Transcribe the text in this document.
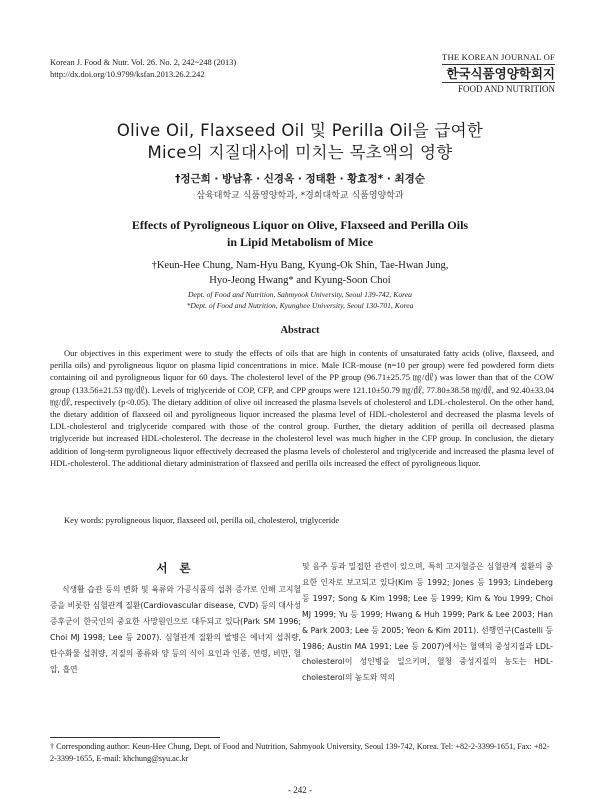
Korean J. Food & Nutr. Vol. 26. No. 2, 242~248 (2013)
http://dx.doi.org/10.9799/ksfan.2013.26.2.242
THE KOREAN JOURNAL OF
한국식품영양학회지
FOOD AND NUTRITION
Olive Oil, Flaxseed Oil 및 Perilla Oil을 급여한
Mice의 지질대사에 미치는 목초액의 영향
†정근희 · 방남휴 · 신경옥 · 정태환 · 황효정* · 최경순
삼육대학교 식품영양학과, *경희대학교 식품영양학과
Effects of Pyroligneous Liquor on Olive, Flaxseed and Perilla Oils
in Lipid Metabolism of Mice
†Keun-Hee Chung, Nam-Hyu Bang, Kyung-Ok Shin, Tae-Hwan Jung,
Hyo-Jeong Hwang* and Kyung-Soon Choi
Dept. of Food and Nutrition, Sahmyook University, Seoul 139-742, Korea
*Dept. of Food and Nutrition, Kyunghee University, Seoul 130-701, Korea
Abstract

Our objectives in this experiment were to study the effects of oils that are high in contents of unsaturated fatty acids (olive, flaxseed, and perilla oils) and pyroligneous liquor on plasma lipid concentrations in mice. Male ICR-mouse (n=10 per group) were fed powdered form diets containing oil and pyroligneous liquor for 60 days. The cholesterol level of the PP group (96.71±25.75 ㎎/㎗) was lower than that of the COW group (133.56±21.53 ㎎/㎗). Levels of triglyceride of COP, CFP, and CPP groups were 121.10±50.79 ㎎/㎗, 77.80±38.58 ㎎/㎗, and 92.40±33.04 ㎎/㎗, respectively (p<0.05). The dietary addition of olive oil increased the plasma lsevels of cholesterol and LDL-cholesterol. On the other hand, the dietary addition of flaxseed oil and pyroligneous liquor increased the plasma level of HDL-cholesterol and decreased the plasma levels of LDL-cholesterol and triglyceride compared with those of the control group. Further, the dietary addition of perilla oil decreased plasma triglyceride but increased HDL-cholesterol. The decrease in the cholesterol level was much higher in the CFP group. In conclusion, the dietary addition of long-term pyroligneous liquor effectively decreased the plasma levels of cholesterol and triglyceride and increased the plasma level of HDL-cholesterol. The additional dietary administration of flaxseed and perilla oils increased the effect of pyroligneous liquor.

Key words: pyroligneous liquor, flaxseed oil, perilla oil, cholesterol, triglyceride
서 론

식생활 습관 등의 변화 및 육류와 가공식품의 섭취 증가로 인해 고지혈증을 비롯한 심혈관계 질환(Cardiovascular disease, CVD) 등의 대사성 증후군이 한국인의 중요한 사망원인으로 대두되고 있다(Park SM 1996; Choi MJ 1998; Lee 등 2007). 심혈관계 질환의 발병은 에너지 섭취량, 탄수화물 섭취량, 지질의 종류와 양 등의 식이 요인과 인종, 연령, 비만, 혈압, 흡연

및 음주 등과 밀접한 관련이 있으며, 특히 고지혈증은 심혈관계 질환의 중요한 인자로 보고되고 있다(Kim 등 1992; Jones 등 1993; Lindeberg 등 1997; Song & Kim 1998; Lee 등 1999; Kim & You 1999; Choi MJ 1999; Yu 등 1999; Hwang & Huh 1999; Park & Lee 2003; Han & Park 2003; Lee 등 2005; Yeon & Kim 2011). 선행연구(Castelli 등 1986; Austin MA 1991; Lee 등 2007)에서는 혈액의 중성지질과 LDL-cholesterol이 성인병을 일으키며, 혈청 중성지질의 농도는 HDL-cholesterol의 농도와 역의

† Corresponding author: Keun-Hee Chung, Dept. of Food and Nutrition, Sahmyook University, Seoul 139-742, Korea. Tel: +82-2-3399-1651, Fax: +82-2-3399-1655, E-mail: khchung@syu.ac.kr
- 242 -
